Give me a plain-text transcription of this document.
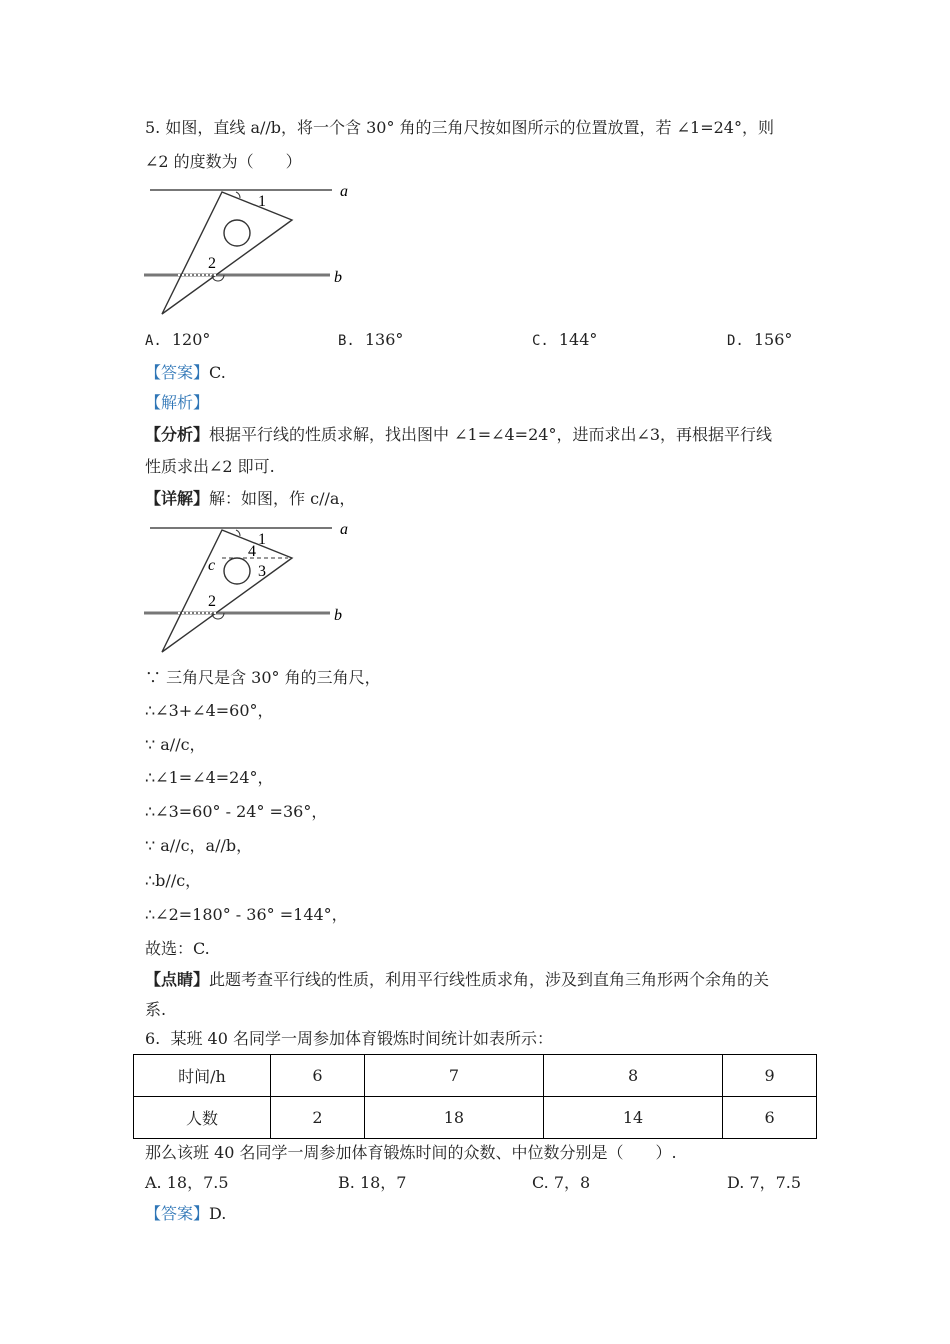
5. 如图，直线 a//b，将一个含 30° 角的三角尺按如图所示的位置放置，若 ∠1=24°，则
∠2 的度数为（　　）
a
b
1
2
A. 120°	B. 136°	C. 144°	D. 156°
【答案】C.
【解析】
【分析】根据平行线的性质求解，找出图中 ∠1=∠4=24°，进而求出∠3，再根据平行线
性质求出∠2 即可.
【详解】解：如图，作 c//a，
a
b
c
1
2
3
4
∵ 三角尺是含 30° 角的三角尺，
∴∠3+∠4=60°，
∵ a//c，
∴∠1=∠4=24°，
∴∠3=60° - 24° =36°，
∵ a//c，a//b，
∴b//c，
∴∠2=180° - 36° =144°，
故选：C.
【点睛】此题考查平行线的性质，利用平行线性质求角，涉及到直角三角形两个余角的关
系.
6.  某班 40 名同学一周参加体育锻炼时间统计如表所示：
时间/h	6	7	8	9
人数	2	18	14	6
那么该班 40 名同学一周参加体育锻炼时间的众数、中位数分别是（　　）.
A. 18，7.5	B. 18，7	C. 7，8	D. 7，7.5
【答案】D.
